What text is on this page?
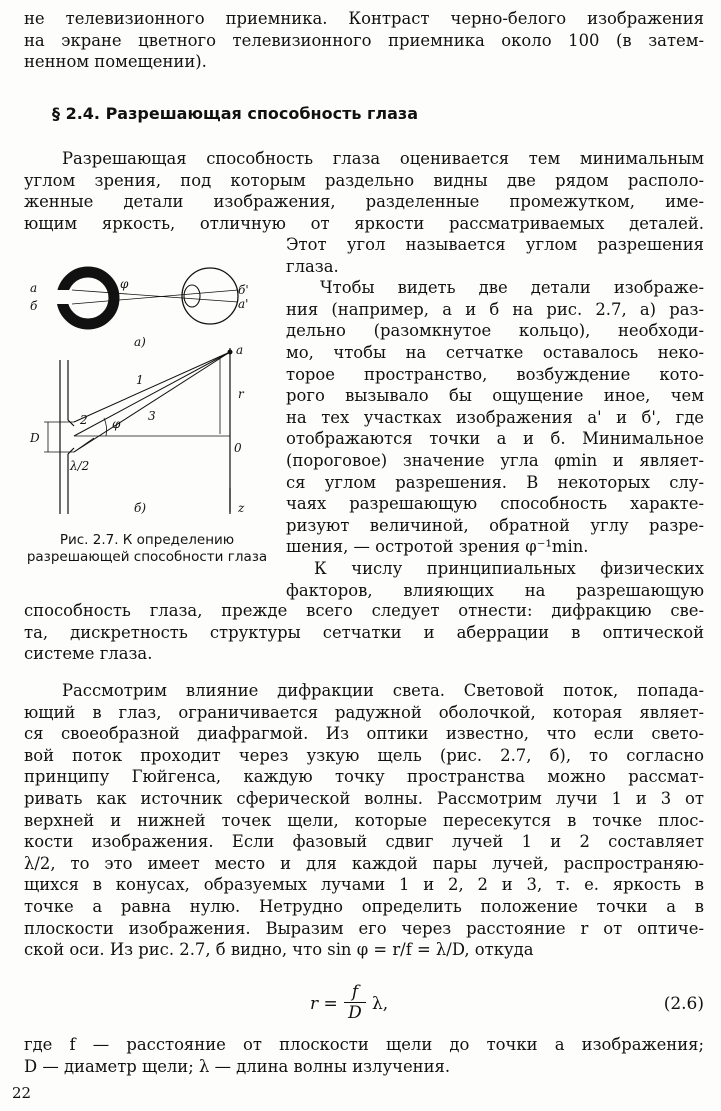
не телевизионного приемника. Контраст черно-белого изображения

на экране цветного телевизионного приемника около 100 (в затем-

ненном помещении).

§ 2.4. Разрешающая способность глаза

Разрешающая способность глаза оценивается тем минимальным

углом зрения, под которым раздельно видны две рядом располо-

женные детали изображения, разделенные промежутком, име-

ющим яркость, отличную от яркости рассматриваемых деталей.

Этот угол называется углом разрешения
глаза.
Чтобы видеть две детали изображе-
ния (например, а и б на рис. 2.7, а) раз-
дельно (разомкнутое кольцо), необходи-
мо, чтобы на сетчатке оставалось неко-
торое пространство, возбуждение кото-
рого вызывало бы ощущение иное, чем
на тех участках изображения а' и б', где
отображаются точки а и б. Минимальное
(пороговое) значение угла φmin и являет-
ся углом разрешения. В некоторых слу-
чаях разрешающую способность характе-
ризуют величиной, обратной углу разре-
шения, — остротой зрения φ⁻¹min.
К числу принципиальных физических
факторов, влияющих на разрешающую
а
б
φ	б'
а'
а)
а
1
2	3
φ
r
0
D
λ/2
б)	z
Рис. 2.7. К определению разрешающей способности глаза

способность глаза, прежде всего следует отнести: дифракцию све-

та, дискретность структуры сетчатки и аберрации в оптической

системе глаза.

Рассмотрим влияние дифракции света. Световой поток, попада-

ющий в глаз, ограничивается радужной оболочкой, которая являет-

ся своеобразной диафрагмой. Из оптики известно, что если свето-

вой поток проходит через узкую щель (рис. 2.7, б), то согласно

принципу Гюйгенса, каждую точку пространства можно рассмат-

ривать как источник сферической волны. Рассмотрим лучи 1 и 3 от

верхней и нижней точек щели, которые пересекутся в точке плос-

кости изображения. Если фазовый сдвиг лучей 1 и 2 составляет

λ/2, то это имеет место и для каждой пары лучей, распространяю-

щихся в конусах, образуемых лучами 1 и 2, 2 и 3, т. е. яркость в

точке а равна нулю. Нетрудно определить положение точки а в

плоскости изображения. Выразим его через расстояние r от оптиче-

ской оси. Из рис. 2.7, б видно, что sin φ = r/f = λ/D, откуда

$r = \frac{f}{D} \lambda$,	(2.6)

где f — расстояние от плоскости щели до точки а изображения;

D — диаметр щели; λ — длина волны излучения.

22
